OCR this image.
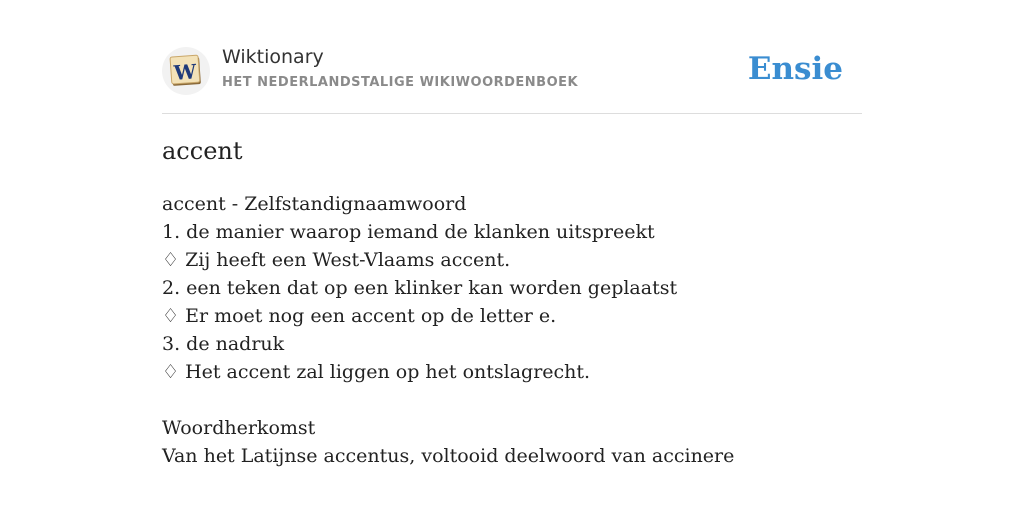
W
Wiktionary
HET NEDERLANDSTALIGE WIKIWOORDENBOEK	Ensie
accent
accent - Zelfstandignaamwoord
1. de manier waarop iemand de klanken uitspreekt
♢ Zij heeft een West-Vlaams accent.
2. een teken dat op een klinker kan worden geplaatst
♢ Er moet nog een accent op de letter e.
3. de nadruk
♢ Het accent zal liggen op het ontslagrecht.
Woordherkomst
Van het Latijnse accentus, voltooid deelwoord van accinere
